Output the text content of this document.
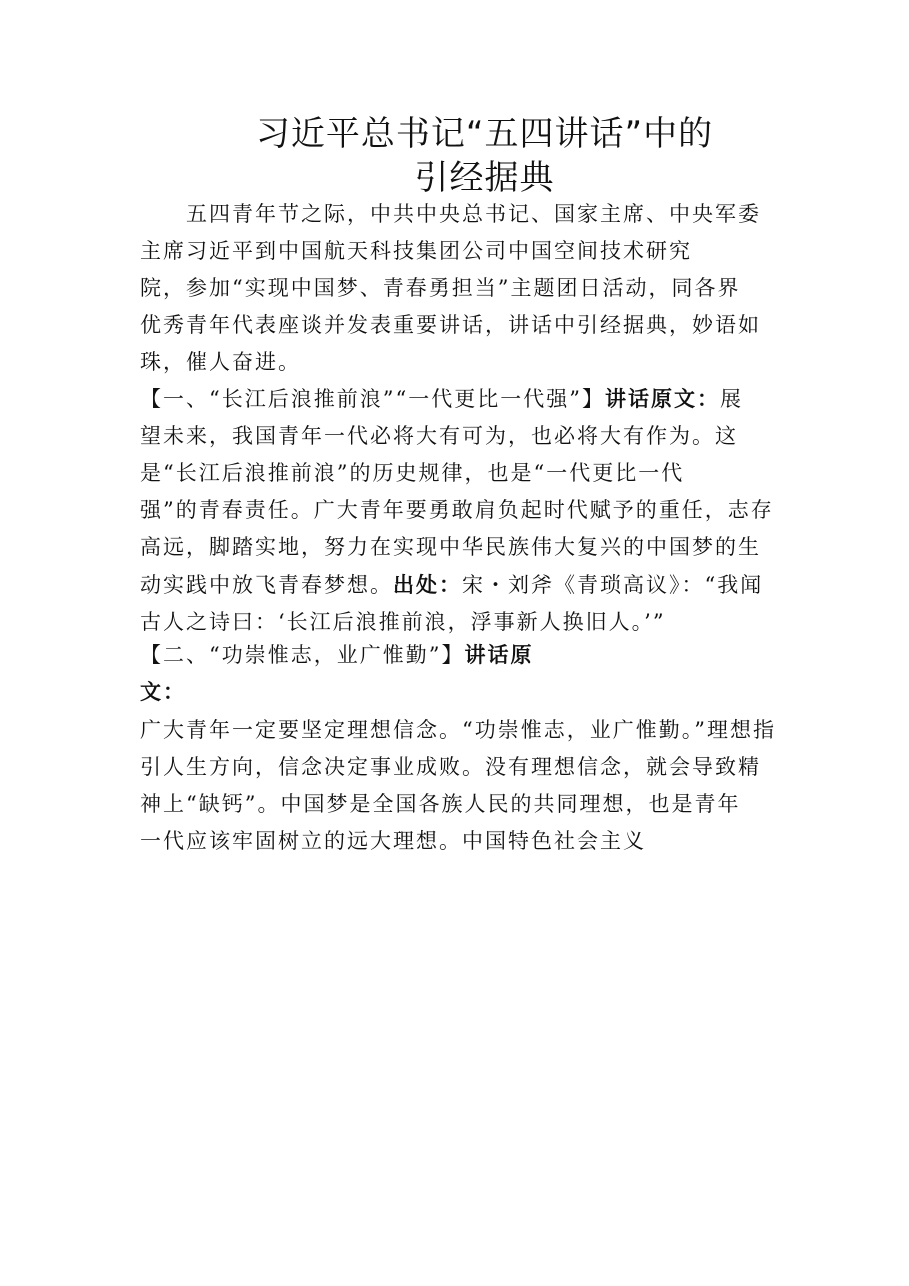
习近平总书记“五四讲话”中的
引经据典
五四青年节之际，中共中央总书记、国家主席、中央军委
主席习近平到中国航天科技集团公司中国空间技术研究
院，参加“实现中国梦、青春勇担当”主题团日活动，同各界
优秀青年代表座谈并发表重要讲话，讲话中引经据典，妙语如
珠，催人奋进。
【一、“长江后浪推前浪”“一代更比一代强”】讲话原文：展
望未来，我国青年一代必将大有可为，也必将大有作为。这
是“长江后浪推前浪”的历史规律，也是“一代更比一代
强”的青春责任。广大青年要勇敢肩负起时代赋予的重任，志存
高远，脚踏实地，努力在实现中华民族伟大复兴的中国梦的生
动实践中放飞青春梦想。出处：宋・刘斧《青琐高议》：“我闻
古人之诗曰：‘长江后浪推前浪，浮事新人换旧人。’”
【二、“功崇惟志，业广惟勤”】讲话原
文：
广大青年一定要坚定理想信念。“功崇惟志，业广惟勤。”理想指
引人生方向，信念决定事业成败。没有理想信念，就会导致精
神上“缺钙”。中国梦是全国各族人民的共同理想，也是青年
一代应该牢固树立的远大理想。中国特色社会主义
